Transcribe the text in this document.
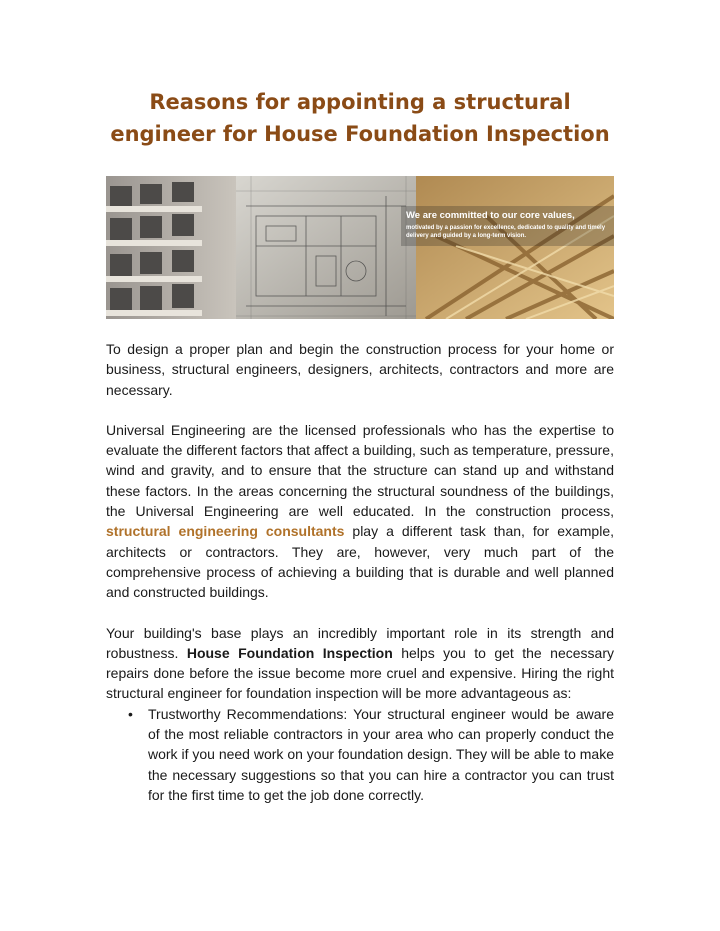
Reasons for appointing a structural engineer for House Foundation Inspection

We are committed to our core values,

motivated by a passion for excellence, dedicated to quality and timely delivery and guided by a long-term vision.

To design a proper plan and begin the construction process for your home or business, structural engineers, designers, architects, contractors and more are necessary.

Universal Engineering are the licensed professionals who has the expertise to evaluate the different factors that affect a building, such as temperature, pressure, wind and gravity, and to ensure that the structure can stand up and withstand these factors. In the areas concerning the structural soundness of the buildings, the Universal Engineering are well educated. In the construction process, structural engineering consultants play a different task than, for example, architects or contractors. They are, however, very much part of the comprehensive process of achieving a building that is durable and well planned and constructed buildings.

Your building's base plays an incredibly important role in its strength and robustness. House Foundation Inspection helps you to get the necessary repairs done before the issue become more cruel and expensive. Hiring the right structural engineer for foundation inspection will be more advantageous as:

• Trustworthy Recommendations: Your structural engineer would be aware of the most reliable contractors in your area who can properly conduct the work if you need work on your foundation design. They will be able to make the necessary suggestions so that you can hire a contractor you can trust for the first time to get the job done correctly.
